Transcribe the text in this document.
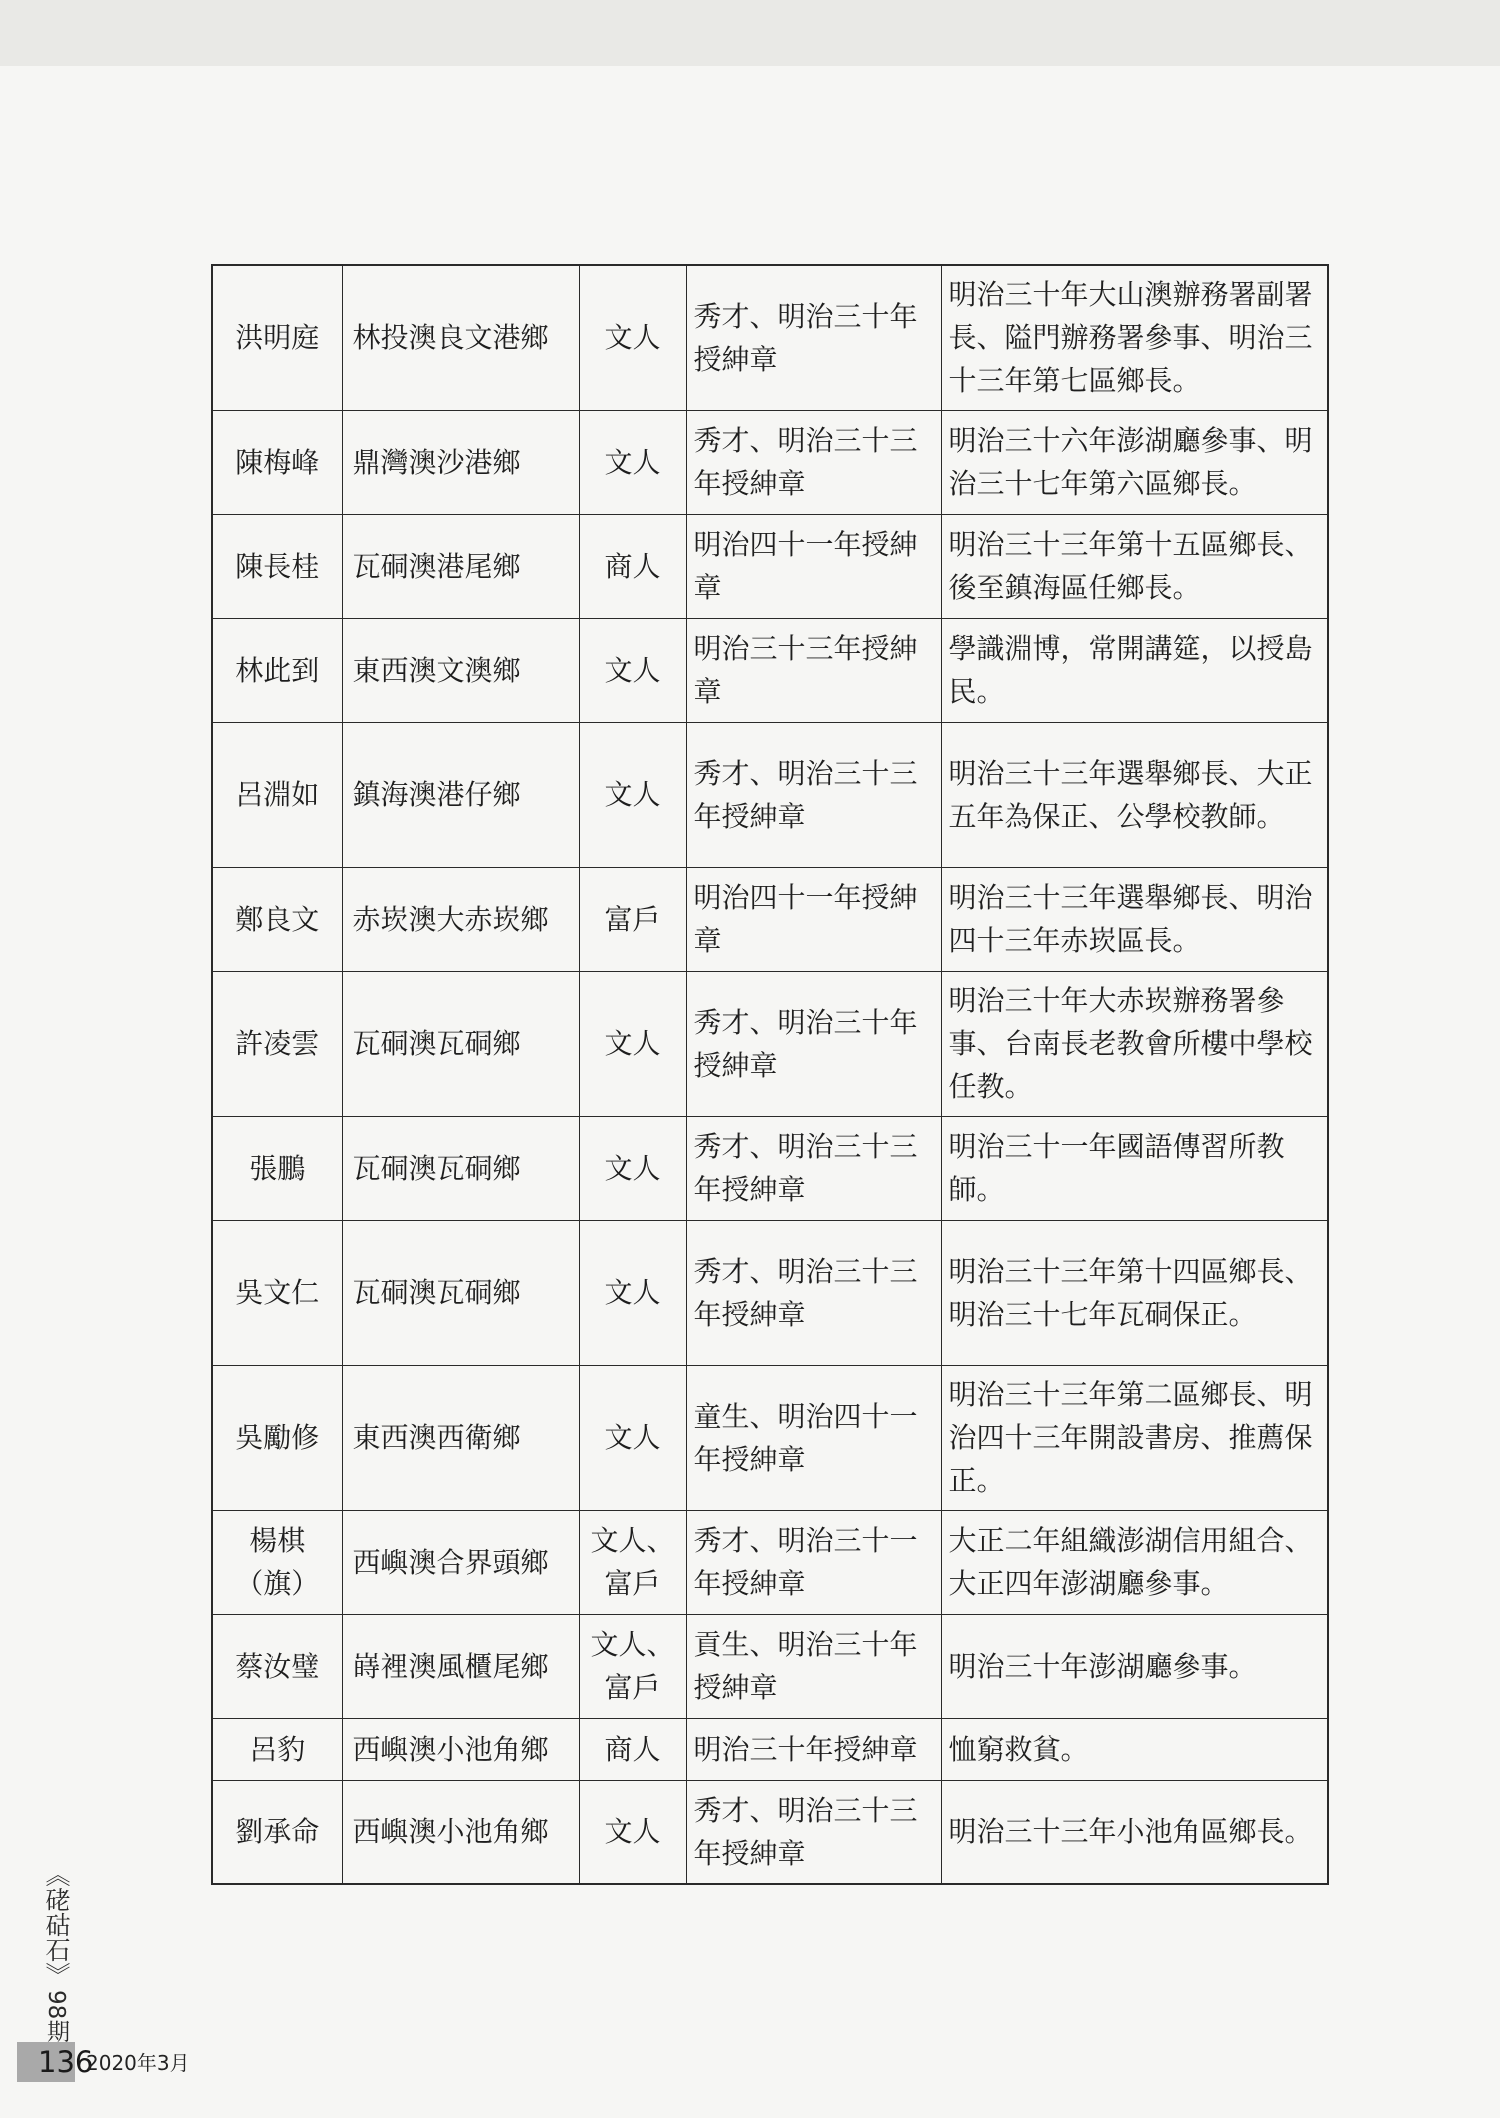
洪明庭	林投澳良文港鄉	文人	秀才、明治三十年授紳章	明治三十年大山澳辦務署副署長、隘門辦務署參事、明治三十三年第七區鄉長。
陳梅峰	鼎灣澳沙港鄉	文人	秀才、明治三十三年授紳章	明治三十六年澎湖廳參事、明治三十七年第六區鄉長。
陳長桂	瓦硐澳港尾鄉	商人	明治四十一年授紳章	明治三十三年第十五區鄉長、後至鎮海區任鄉長。
林此到	東西澳文澳鄉	文人	明治三十三年授紳章	學識淵博，常開講筵，以授島民。
呂淵如	鎮海澳港仔鄉	文人	秀才、明治三十三年授紳章	明治三十三年選舉鄉長、大正五年為保正、公學校教師。
鄭良文	赤崁澳大赤崁鄉	富戶	明治四十一年授紳章	明治三十三年選舉鄉長、明治四十三年赤崁區長。
許凌雲	瓦硐澳瓦硐鄉	文人	秀才、明治三十年授紳章	明治三十年大赤崁辦務署參事、台南長老教會所樓中學校任教。
張鵬	瓦硐澳瓦硐鄉	文人	秀才、明治三十三年授紳章	明治三十一年國語傳習所教師。
吳文仁	瓦硐澳瓦硐鄉	文人	秀才、明治三十三年授紳章	明治三十三年第十四區鄉長、明治三十七年瓦硐保正。
吳勵修	東西澳西衛鄉	文人	童生、明治四十一年授紳章	明治三十三年第二區鄉長、明治四十三年開設書房、推薦保正。
楊棋（旗）	西嶼澳合界頭鄉	文人、富戶	秀才、明治三十一年授紳章	大正二年組織澎湖信用組合、大正四年澎湖廳參事。
蔡汝璧	嵵裡澳風櫃尾鄉	文人、富戶	貢生、明治三十年授紳章	明治三十年澎湖廳參事。
呂豹	西嶼澳小池角鄉	商人	明治三十年授紳章	恤窮救貧。
劉承命	西嶼澳小池角鄉	文人	秀才、明治三十三年授紳章	明治三十三年小池角區鄉長。
《硓𥑮石》
98期
136
2020年3月
